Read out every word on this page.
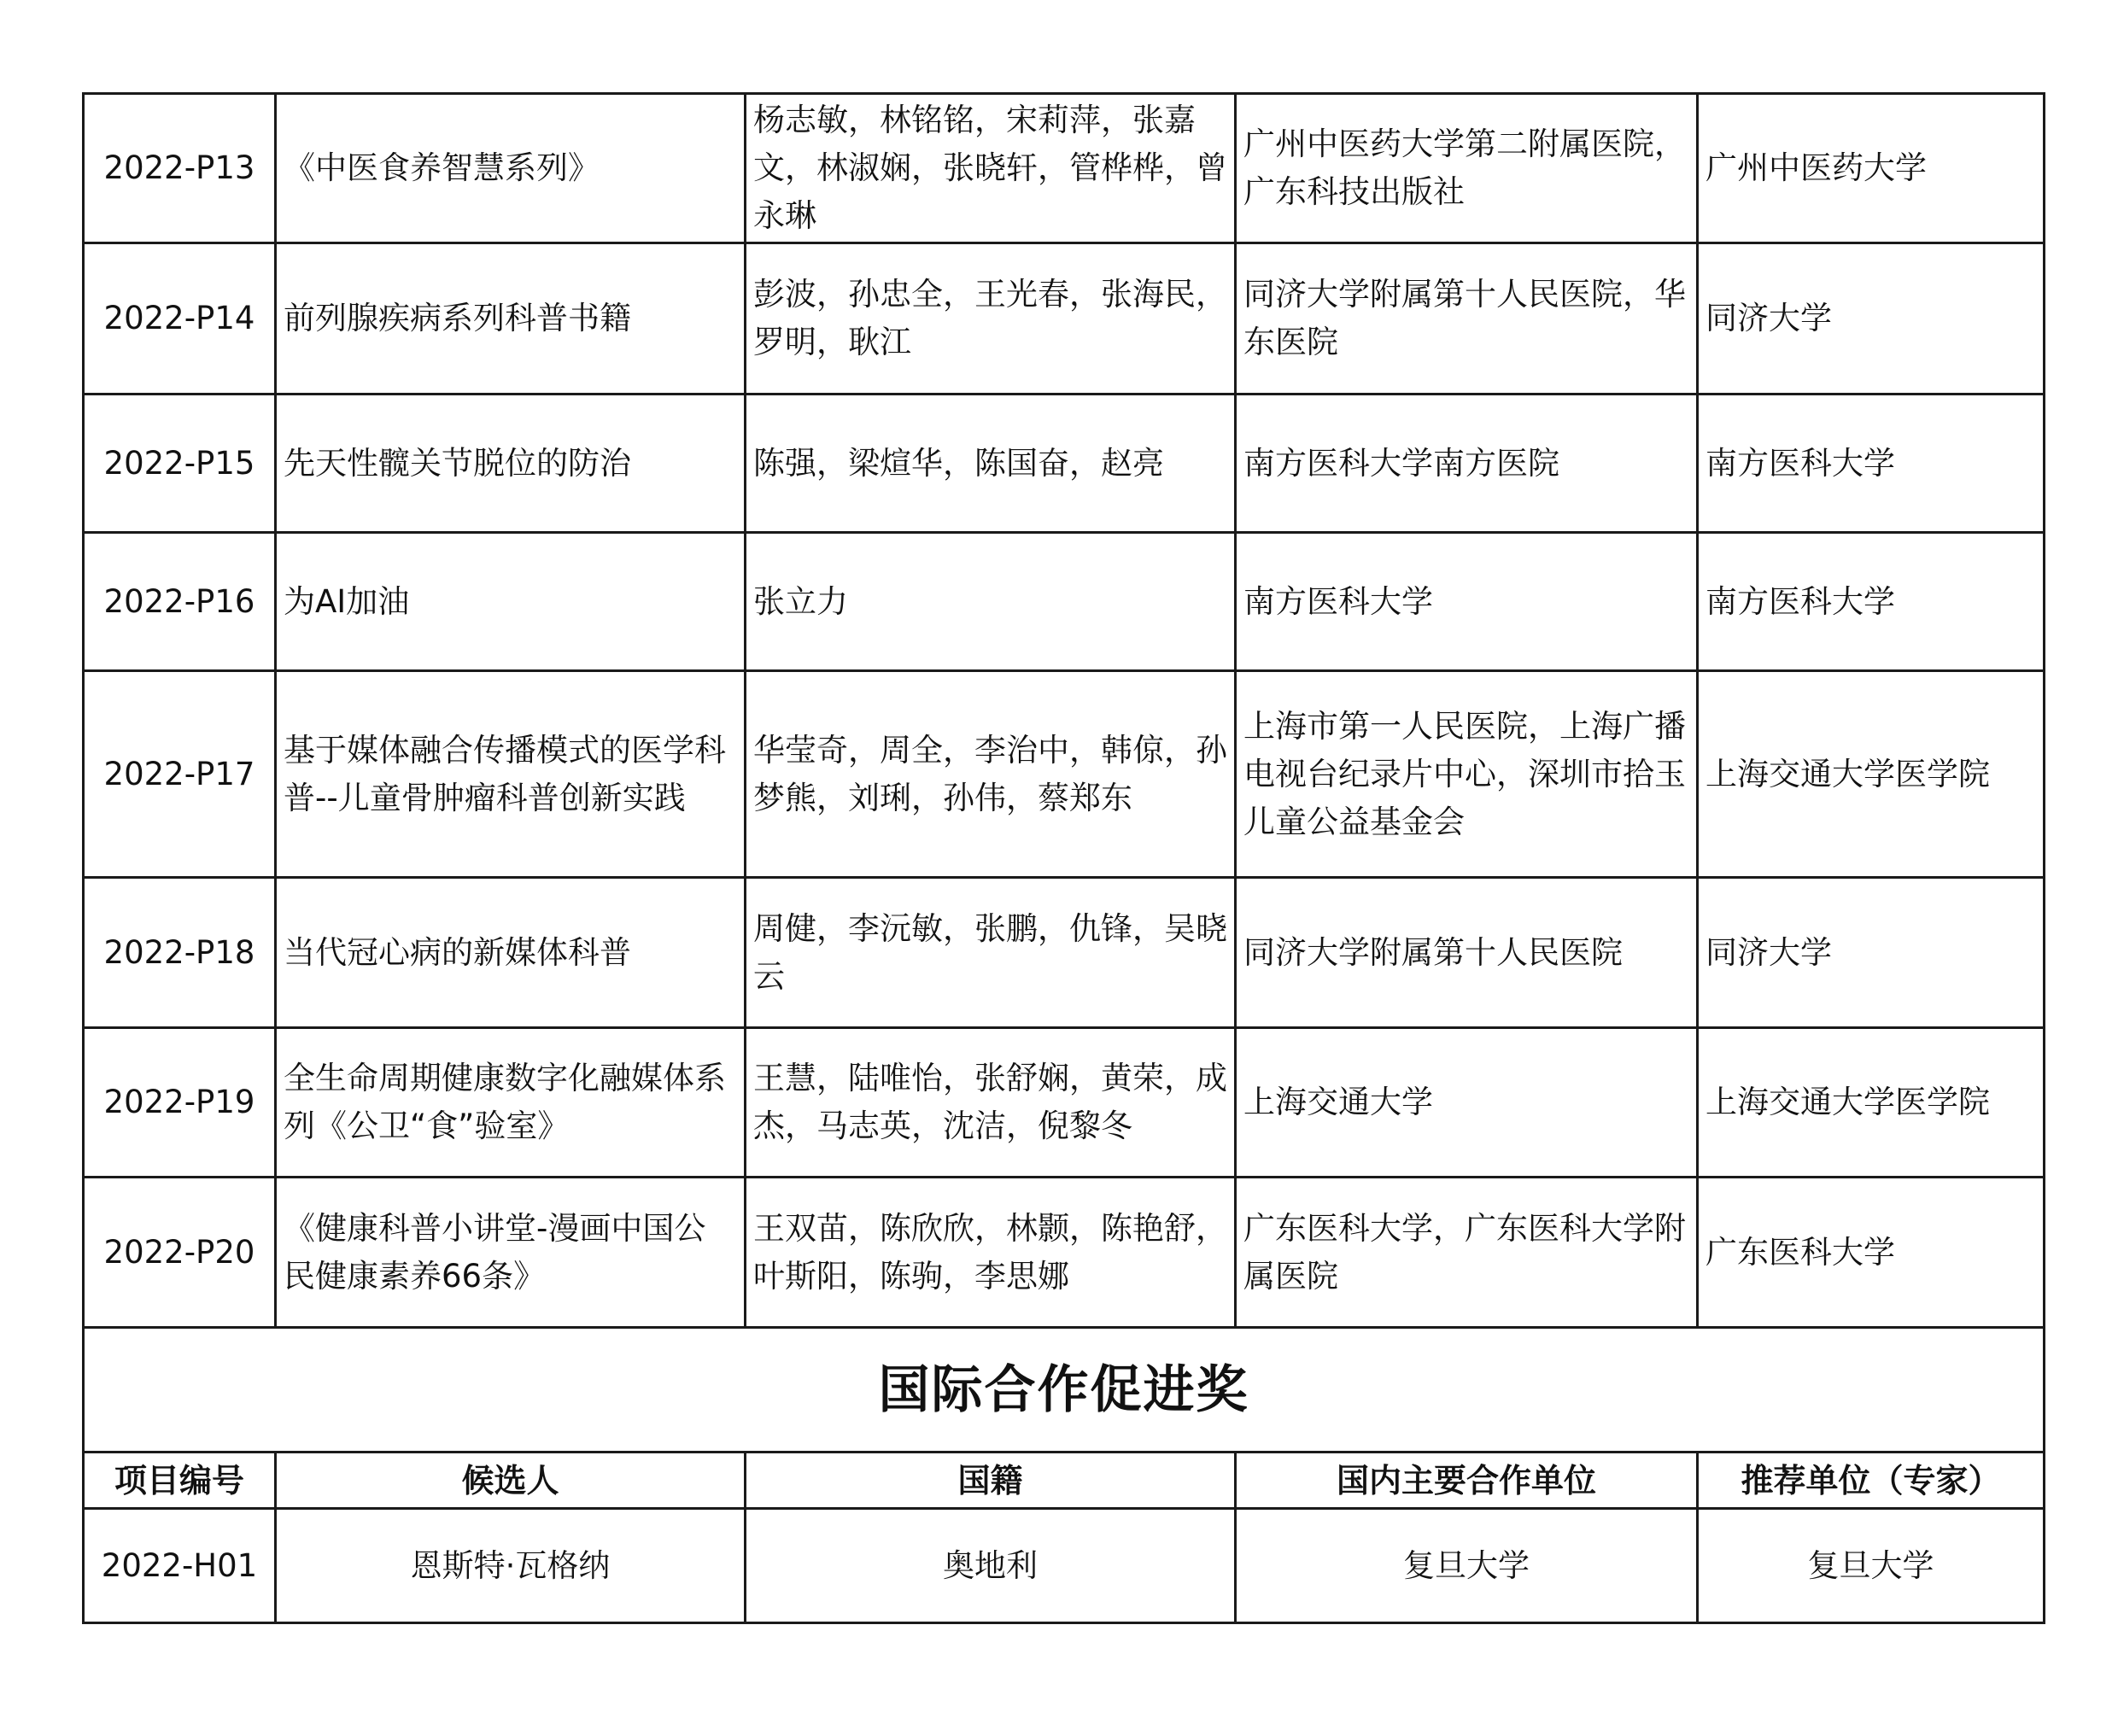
2022-P13	《中医食养智慧系列》	杨志敏，林铭铭，宋莉萍，张嘉文，林淑娴，张晓轩，管桦桦，曾永琳	广州中医药大学第二附属医院，广东科技出版社	广州中医药大学
2022-P14	前列腺疾病系列科普书籍	彭波，孙忠全，王光春，张海民，罗明，耿江	同济大学附属第十人民医院，华东医院	同济大学
2022-P15	先天性髋关节脱位的防治	陈强，梁煊华，陈国奋，赵亮	南方医科大学南方医院	南方医科大学
2022-P16	为AI加油	张立力	南方医科大学	南方医科大学
2022-P17	基于媒体融合传播模式的医学科普--儿童骨肿瘤科普创新实践	华莹奇，周全，李治中，韩倞，孙梦熊，刘琍，孙伟，蔡郑东	上海市第一人民医院，上海广播电视台纪录片中心，深圳市拾玉儿童公益基金会	上海交通大学医学院
2022-P18	当代冠心病的新媒体科普	周健，李沅敏，张鹏，仇锋，吴晓云	同济大学附属第十人民医院	同济大学
2022-P19	全生命周期健康数字化融媒体系列《公卫“食”验室》	王慧，陆唯怡，张舒娴，黄荣，成杰，马志英，沈洁，倪黎冬	上海交通大学	上海交通大学医学院
2022-P20	《健康科普小讲堂-漫画中国公民健康素养66条》	王双苗，陈欣欣，林颢，陈艳舒，叶斯阳，陈驹，李思娜	广东医科大学，广东医科大学附属医院	广东医科大学
国际合作促进奖				
项目编号	候选人	国籍	国内主要合作单位	推荐单位（专家）
2022-H01	恩斯特·瓦格纳	奥地利	复旦大学	复旦大学
